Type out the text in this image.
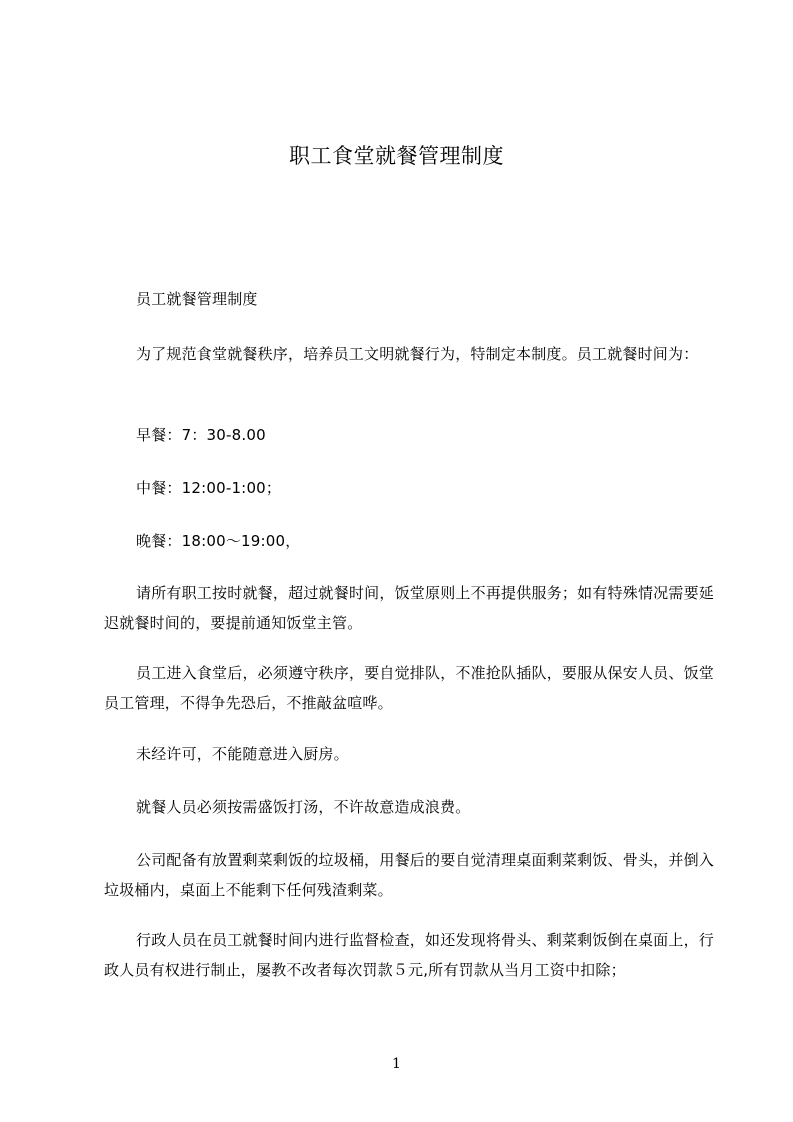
职工食堂就餐管理制度

员工就餐管理制度

为了规范食堂就餐秩序，培养员工文明就餐行为，特制定本制度。员工就餐时间为：

早餐：7：30-8.00

中餐：12:00-1:00；

晚餐：18:00～19:00，

请所有职工按时就餐，超过就餐时间，饭堂原则上不再提供服务；如有特殊情况需要延迟就餐时间的，要提前通知饭堂主管。

员工进入食堂后，必须遵守秩序，要自觉排队，不准抢队插队，要服从保安人员、饭堂员工管理，不得争先恐后，不推敲盆喧哗。

未经许可，不能随意进入厨房。

就餐人员必须按需盛饭打汤，不许故意造成浪费。

公司配备有放置剩菜剩饭的垃圾桶，用餐后的要自觉清理桌面剩菜剩饭、骨头，并倒入垃圾桶内，桌面上不能剩下任何残渣剩菜。

行政人员在员工就餐时间内进行监督检查，如还发现将骨头、剩菜剩饭倒在桌面上，行政人员有权进行制止，屡教不改者每次罚款５元,所有罚款从当月工资中扣除；

1
